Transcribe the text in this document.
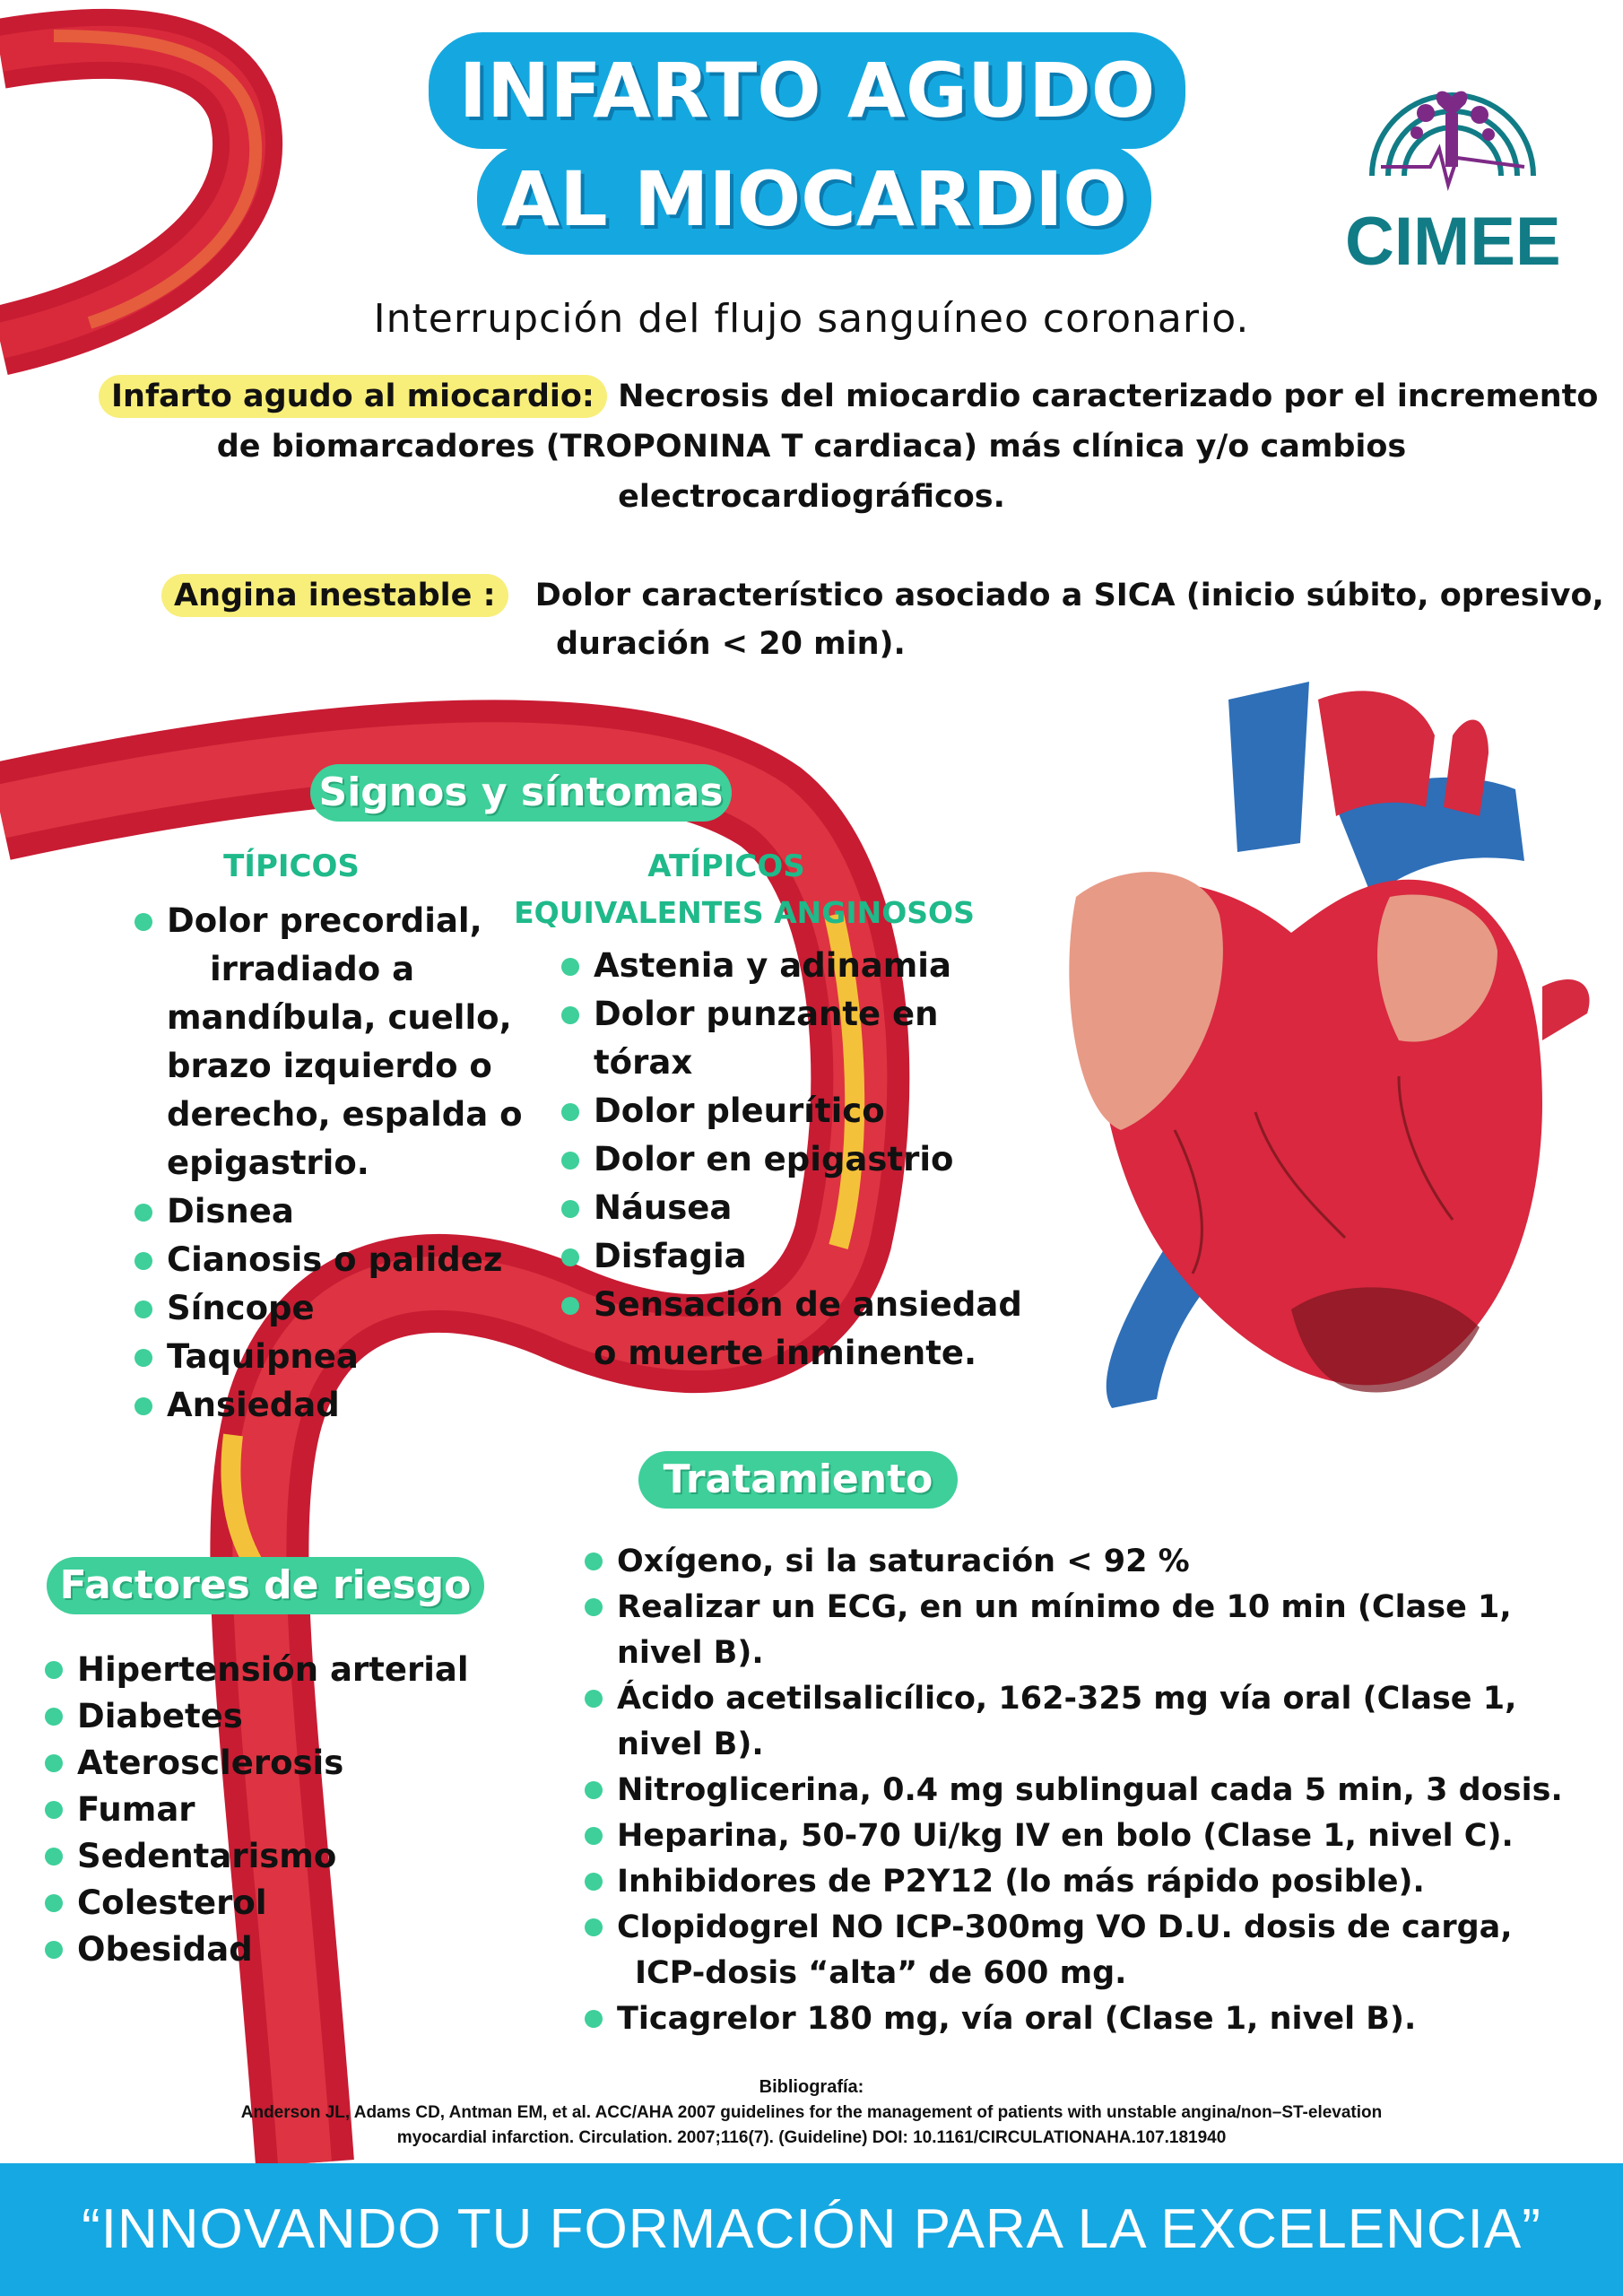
INFARTO AGUDO
AL MIOCARDIO	CIMEE
Interrupción del flujo sanguíneo coronario.
Infarto agudo al miocardio: Necrosis del miocardio caracterizado por el incremento
de biomarcadores (TROPONINA T cardiaca) más clínica y/o cambios
electrocardiográficos.
Angina inestable : Dolor característico asociado a SICA (inicio súbito, opresivo,
duración < 20 min).
Signos y síntomas
TÍPICOS	ATÍPICOS
EQUIVALENTES ANGINOSOS
Dolor precordial,
irradiado a
mandíbula, cuello,
brazo izquierdo o
derecho, espalda o
epigastrio.
Disnea
Cianosis o palidez
Síncope
Taquipnea
Ansiedad
Astenia y adinamia
Dolor punzante en
tórax
Dolor pleurítico
Dolor en epigastrio
Náusea
Disfagia
Sensación de ansiedad
o muerte inminente.
Factores de riesgo
Hipertensión arterial
Diabetes
Aterosclerosis
Fumar
Sedentarismo
Colesterol
Obesidad
Tratamiento
Oxígeno, si la saturación < 92 %
Realizar un ECG, en un mínimo de 10 min (Clase 1, nivel B).
Ácido acetilsalicílico, 162-325 mg vía oral (Clase 1, nivel B).
Nitroglicerina, 0.4 mg sublingual cada 5 min, 3 dosis.
Heparina, 50-70 Ui/kg IV en bolo (Clase 1, nivel C).
Inhibidores de P2Y12 (lo más rápido posible).
Clopidogrel NO ICP-300mg VO D.U. dosis de carga,
ICP-dosis “alta” de 600 mg.
Ticagrelor 180 mg, vía oral (Clase 1, nivel B).
Bibliografía:
Anderson JL, Adams CD, Antman EM, et al. ACC/AHA 2007 guidelines for the management of patients with unstable angina/non–ST-elevation
myocardial infarction. Circulation. 2007;116(7). (Guideline) DOI: 10.1161/CIRCULATIONAHA.107.181940
“INNOVANDO TU FORMACIÓN PARA LA EXCELENCIA”
